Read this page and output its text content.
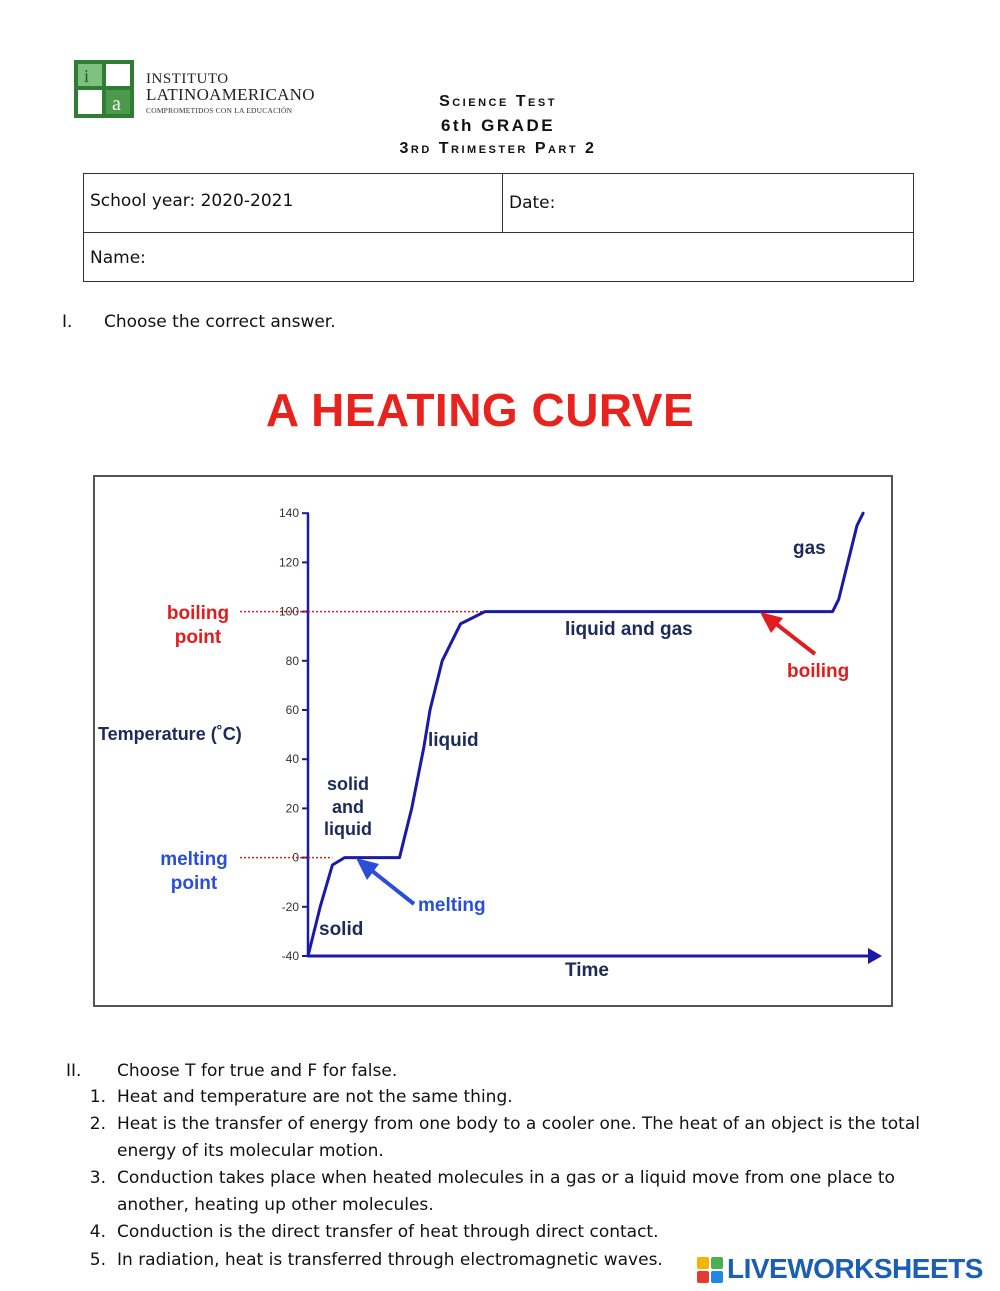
i
a
INSTITUTO
LATINOAMERICANO
COMPROMETIDOS CON LA EDUCACIÓN
Science Test
6th GRADE
3rd Trimester Part 2
School year: 2020-2021	Date:
Name:
I. Choose the correct answer.
A HEATING CURVE
140
120
100
80
60
40
20
0
-20
-40
Temperature (˚C)
Time
solid
solid
and
liquid
liquid
liquid and gas
gas
boiling
point
melting
point
boiling
melting
II. Choose T for true and F for false.
1. Heat and temperature are not the same thing.
2. Heat is the transfer of energy from one body to a cooler one. The heat of an object is the total energy of its molecular motion.
3. Conduction takes place when heated molecules in a gas or a liquid move from one place to another, heating up other molecules.
4. Conduction is the direct transfer of heat through direct contact.
5. In radiation, heat is transferred through electromagnetic waves.	LIVEWORKSHEETS
